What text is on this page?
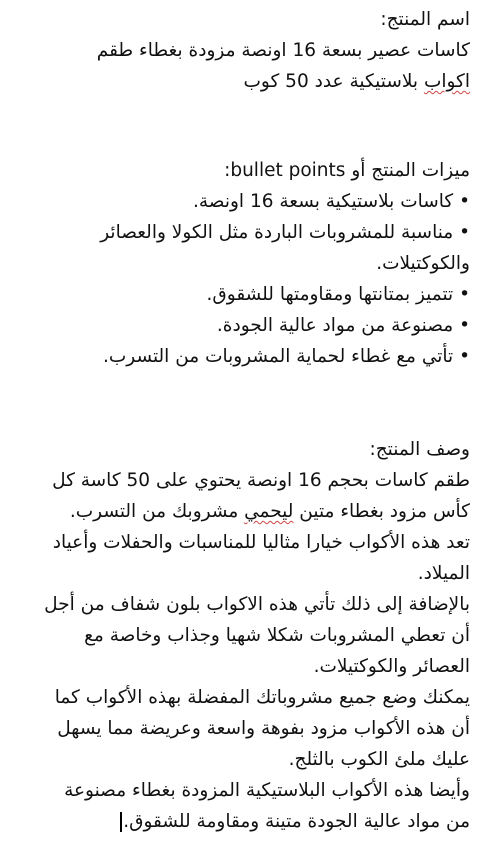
اسم المنتج:
كاسات عصير بسعة 16 اونصة مزودة بغطاء طقم
اكواب بلاستيكية عدد 50 كوب
ميزات المنتج أو bullet points:
• كاسات بلاستيكية بسعة 16 اونصة.
• مناسبة للمشروبات الباردة مثل الكولا والعصائر
والكوكتيلات.
• تتميز بمتانتها ومقاومتها للشقوق.
• مصنوعة من مواد عالية الجودة.
• تأتي مع غطاء لحماية المشروبات من التسرب.
وصف المنتج:
طقم كاسات بحجم 16 اونصة يحتوي على 50 كاسة كل
كأس مزود بغطاء متين ليحمي مشروبك من التسرب.
تعد هذه الأكواب خيارا مثاليا للمناسبات والحفلات وأعياد
الميلاد.
بالإضافة إلى ذلك تأتي هذه الاكواب بلون شفاف من أجل
أن تعطي المشروبات شكلا شهيا وجذاب وخاصة مع
العصائر والكوكتيلات.
يمكنك وضع جميع مشروباتك المفضلة بهذه الأكواب كما
أن هذه الأكواب مزود بفوهة واسعة وعريضة مما يسهل
عليك ملئ الكوب بالثلج.
وأيضا هذه الأكواب البلاستيكية المزودة بغطاء مصنوعة
من مواد عالية الجودة متينة ومقاومة للشقوق.
